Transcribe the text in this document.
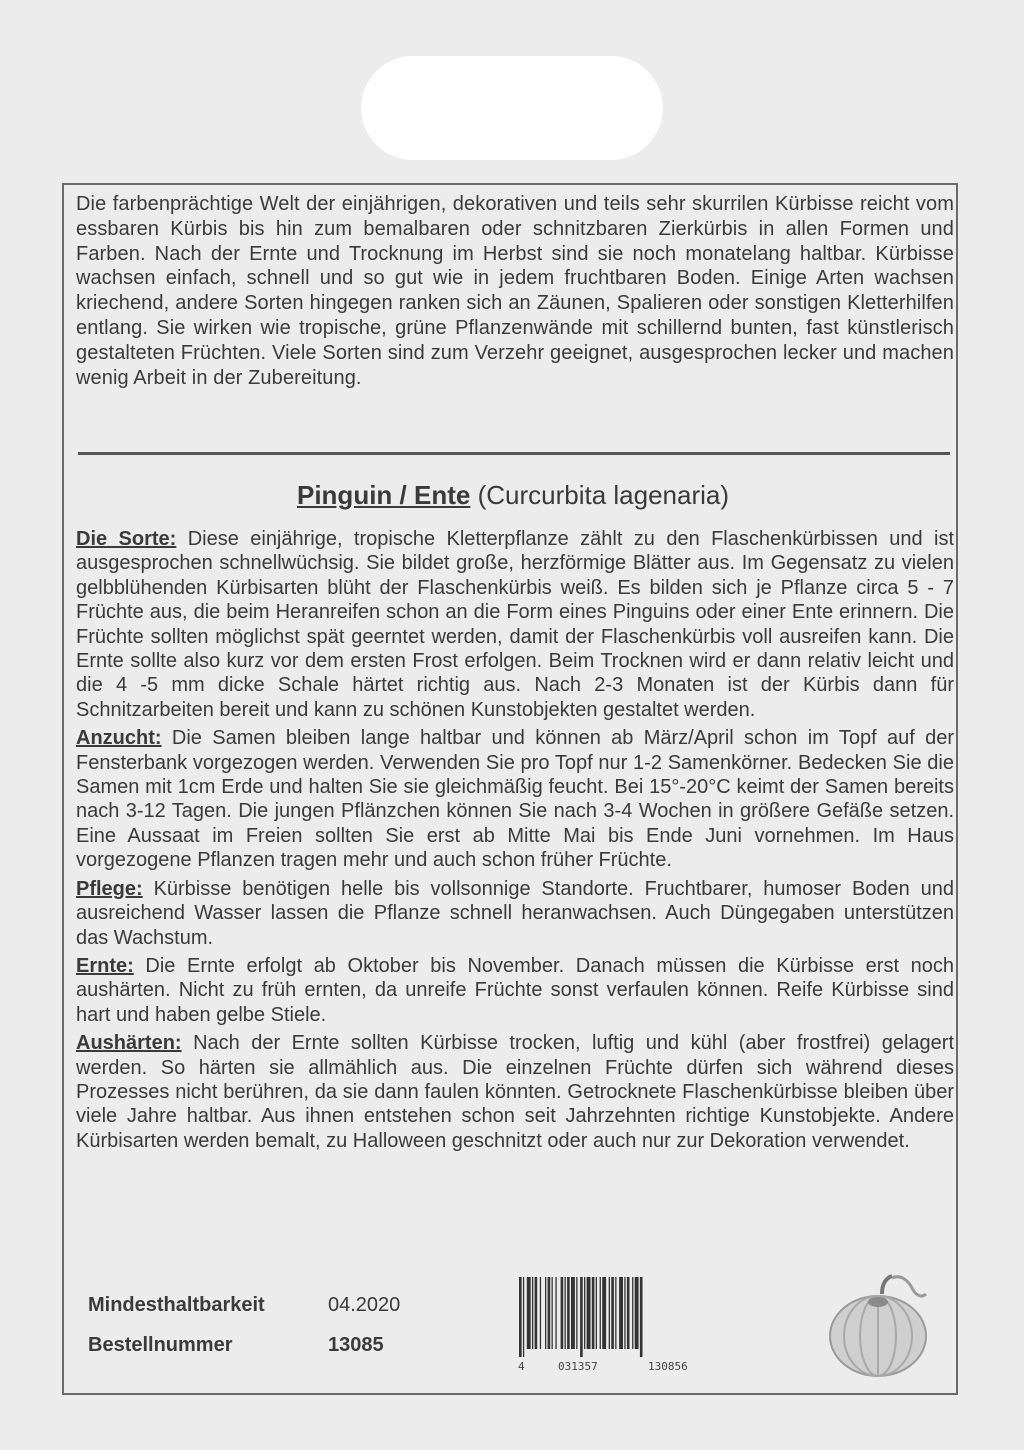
Die farbenprächtige Welt der einjährigen, dekorativen und teils sehr skurrilen Kürbisse reicht vom essbaren Kürbis bis hin zum bemalbaren oder schnitzbaren Zierkürbis in allen Formen und Farben. Nach der Ernte und Trocknung im Herbst sind sie noch monatelang haltbar. Kürbisse wachsen einfach, schnell und so gut wie in jedem fruchtbaren Boden. Einige Arten wachsen kriechend, andere Sorten hingegen ranken sich an Zäunen, Spalieren oder sonstigen Kletterhilfen entlang. Sie wirken wie tropische, grüne Pflanzenwände mit schillernd bunten, fast künstlerisch gestalteten Früchten. Viele Sorten sind zum Verzehr geeignet, ausgesprochen lecker und machen wenig Arbeit in der Zubereitung.

Pinguin / Ente (Curcurbita lagenaria)

Die Sorte: Diese einjährige, tropische Kletterpflanze zählt zu den Flaschenkürbissen und ist ausgesprochen schnellwüchsig. Sie bildet große, herzförmige Blätter aus. Im Gegensatz zu vielen gelbblühenden Kürbisarten blüht der Flaschenkürbis weiß. Es bilden sich je Pflanze circa 5 - 7 Früchte aus, die beim Heranreifen schon an die Form eines Pinguins oder einer Ente erinnern. Die Früchte sollten möglichst spät geerntet werden, damit der Flaschenkürbis voll ausreifen kann. Die Ernte sollte also kurz vor dem ersten Frost erfolgen. Beim Trocknen wird er dann relativ leicht und die 4 -5 mm dicke Schale härtet richtig aus. Nach 2-3 Monaten ist der Kürbis dann für Schnitzarbeiten bereit und kann zu schönen Kunstobjekten gestaltet werden.

Anzucht: Die Samen bleiben lange haltbar und können ab März/April schon im Topf auf der Fensterbank vorgezogen werden. Verwenden Sie pro Topf nur 1-2 Samenkörner. Bedecken Sie die Samen mit 1cm Erde und halten Sie sie gleichmäßig feucht. Bei 15°-20°C keimt der Samen bereits nach 3-12 Tagen. Die jungen Pflänzchen können Sie nach 3-4 Wochen in größere Gefäße setzen. Eine Aussaat im Freien sollten Sie erst ab Mitte Mai bis Ende Juni vornehmen. Im Haus vorgezogene Pflanzen tragen mehr und auch schon früher Früchte.

Pflege: Kürbisse benötigen helle bis vollsonnige Standorte. Fruchtbarer, humoser Boden und ausreichend Wasser lassen die Pflanze schnell heranwachsen. Auch Düngegaben unterstützen das Wachstum.

Ernte: Die Ernte erfolgt ab Oktober bis November. Danach müssen die Kürbisse erst noch aushärten. Nicht zu früh ernten, da unreife Früchte sonst verfaulen können. Reife Kürbisse sind hart und haben gelbe Stiele.

Aushärten: Nach der Ernte sollten Kürbisse trocken, luftig und kühl (aber frostfrei) gelagert werden. So härten sie allmählich aus. Die einzelnen Früchte dürfen sich während dieses Prozesses nicht berühren, da sie dann faulen könnten. Getrocknete Flaschenkürbisse bleiben über viele Jahre haltbar. Aus ihnen entstehen schon seit Jahrzehnten richtige Kunstobjekte. Andere Kürbisarten werden bemalt, zu Halloween geschnitzt oder auch nur zur Dekoration verwendet.

Mindesthaltbarkeit	04.2020
Bestellnummer	13085
4	031357	130856
